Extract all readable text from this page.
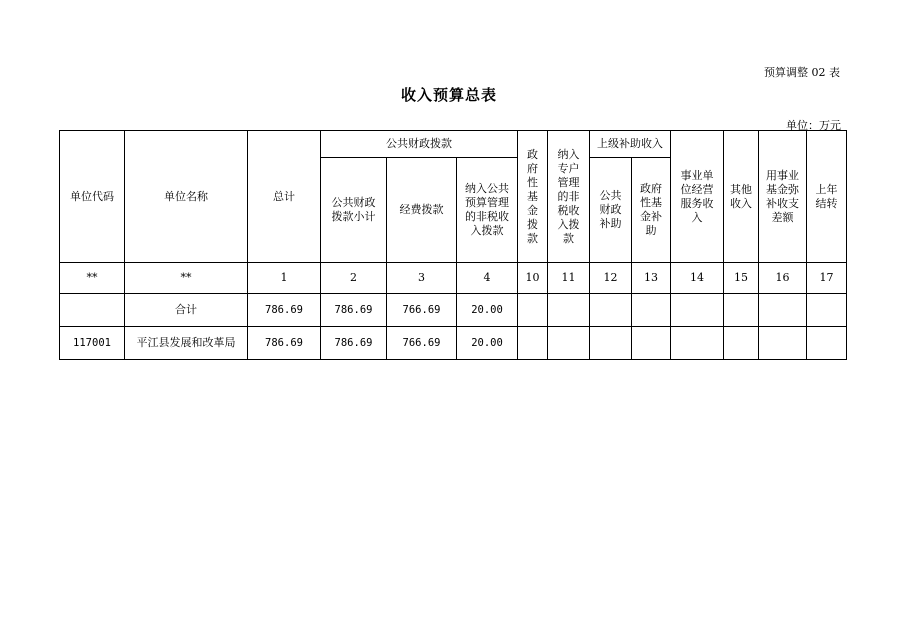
预算调整 02 表
收入预算总表
单位：万元
单位代码	单位名称	总计	公共财政拨款			政府性基金拨款	纳入专户管理的非税收入拨款	上级补助收入		事业单位经营服务收入	其他收入	用事业基金弥补收支差额	上年结转

			公共财政拨款小计	经费拨款	纳入公共预算管理的非税收入拨款			公共财政补助	政府性基金补助				

**	**	1	2	3	4	10	11	12	13	14	15	16	17
	合计	786.69	786.69	766.69	20.00								
117001	平江县发展和改革局	786.69	786.69	766.69	20.00								
